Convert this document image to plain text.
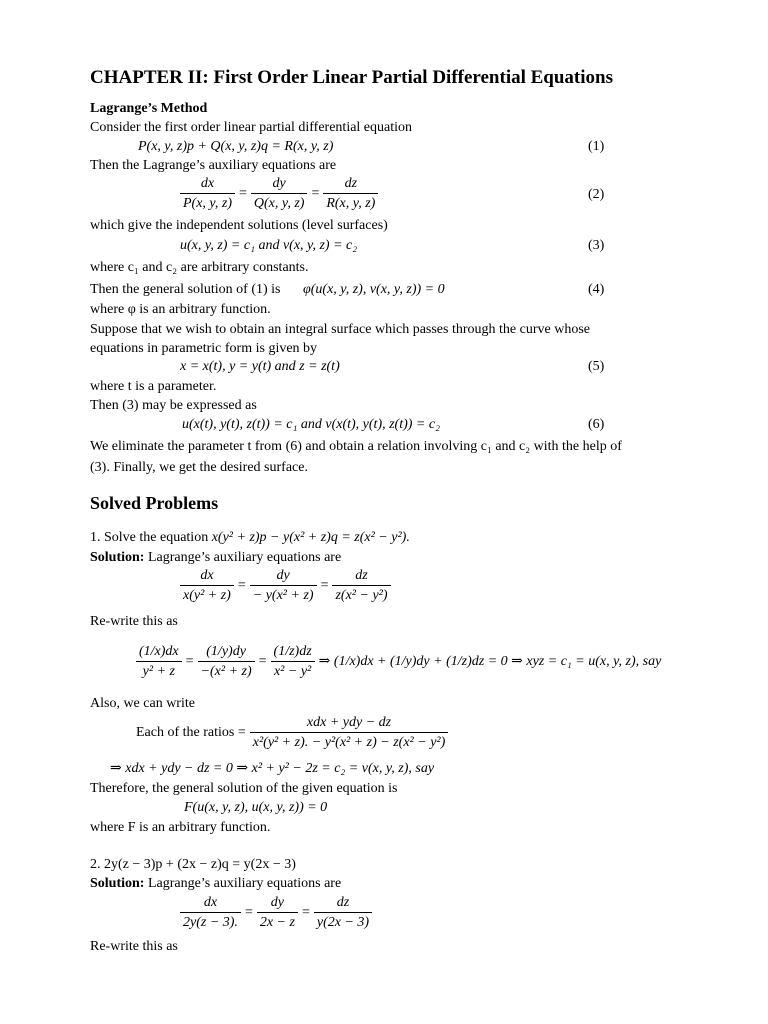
CHAPTER II: First Order Linear Partial Differential Equations
Lagrange’s Method
Consider the first order linear partial differential equation
P(x, y, z)p + Q(x, y, z)q = R(x, y, z)	(1)
Then the Lagrange’s auxiliary equations are
$\frac{dx}{P(x, y, z)} = \frac{dy}{Q(x, y, z)} = \frac{dz}{R(x, y, z)}$	(2)
which give the independent solutions (level surfaces)
u(x, y, z) = c₁ and v(x, y, z) = c₂	(3)
where c₁ and c₂ are arbitrary constants.
Then the general solution of (1) is φ(u(x, y, z), v(x, y, z)) = 0	(4)
where φ is an arbitrary function.
Suppose that we wish to obtain an integral surface which passes through the curve whose
equations in parametric form is given by
x = x(t), y = y(t) and z = z(t)	(5)
where t is a parameter.
Then (3) may be expressed as
u(x(t), y(t), z(t)) = c₁ and v(x(t), y(t), z(t)) = c₂	(6)
We eliminate the parameter t from (6) and obtain a relation involving c₁ and c₂ with the help of
(3). Finally, we get the desired surface.
Solved Problems
1. Solve the equation x(y² + z)p − y(x² + z)q = z(x² − y²).
Solution: Lagrange’s auxiliary equations are
$\frac{dx}{\text{x(y² + z)}} = \frac{dy}{\text{− y(x² + z)}} = \frac{dz}{\text{z(x² − y²)}}$
Re-write this as
$\frac{(1/x)dx}{\text{y² + z}} = \frac{(1/y)dy}{\text{−(x² + z)}} = \frac{(1/z)dz}{\text{x² − y²}}$ ⇒ (1/x)dx + (1/y)dy + (1/z)dz = 0 ⇒ xyz = c₁ = u(x, y, z), say
Also, we can write
Each of the ratios = $\frac{\text{xdx + ydy − dz}}{\text{x²(y² + z). − y²(x² + z) − z(x² − y²)}}$
⇒ xdx + ydy − dz = 0 ⇒ x² + y² − 2z = c₂ = v(x, y, z), say
Therefore, the general solution of the given equation is
F(u(x, y, z), u(x, y, z)) = 0
where F is an arbitrary function.
2. 2y(z − 3)p + (2x − z)q = y(2x − 3)
Solution: Lagrange’s auxiliary equations are
$\frac{dx}{2y(z - 3).} = \frac{dy}{2x - z} = \frac{dz}{y(2x - 3)}$
Re-write this as
